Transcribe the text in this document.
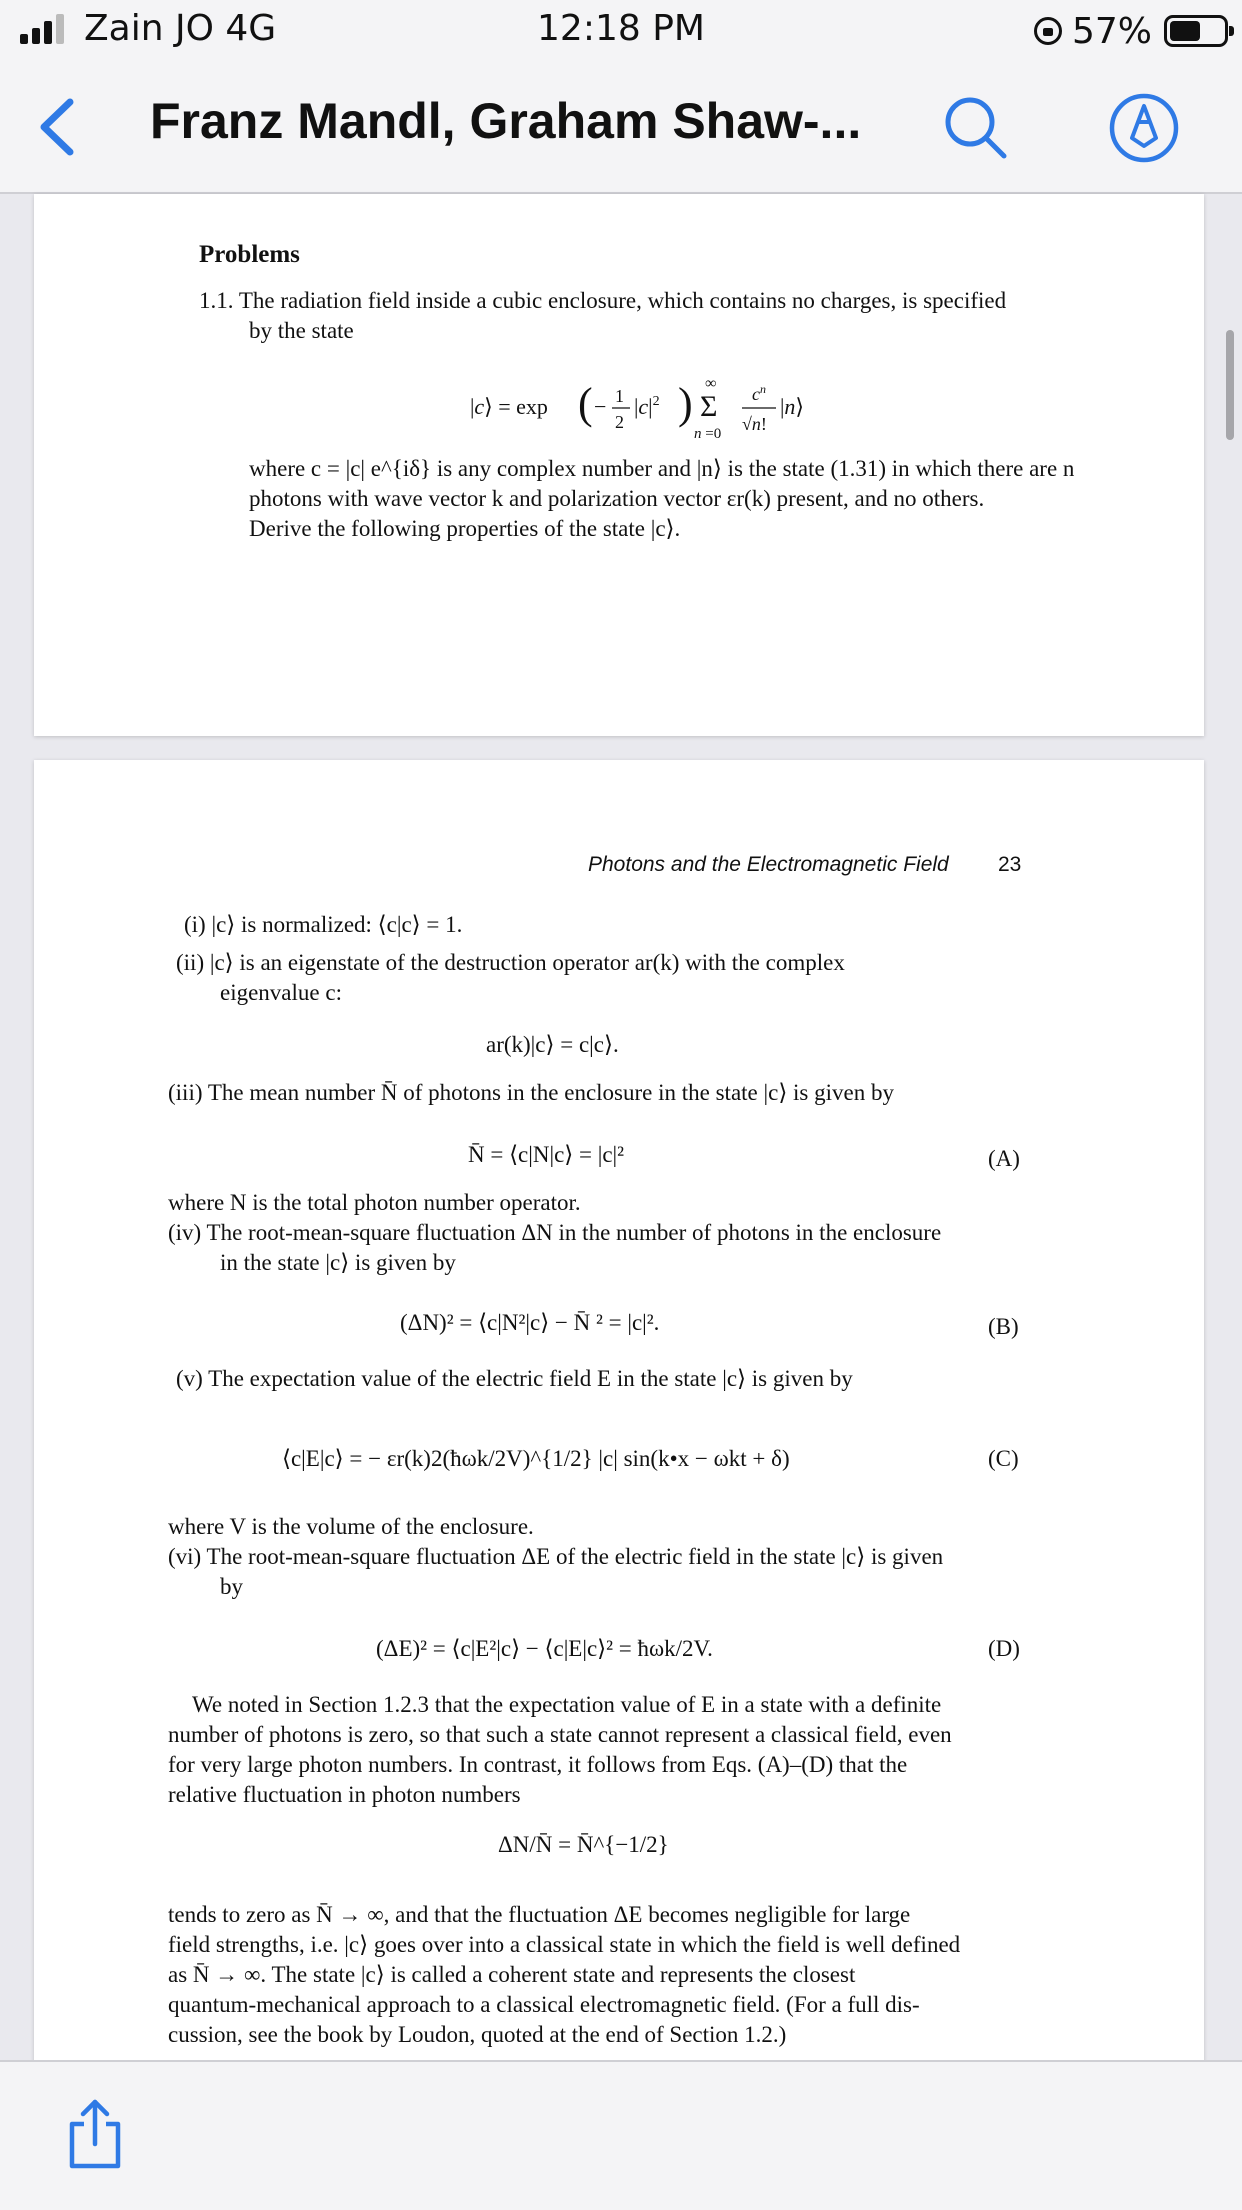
Zain JO 4G	12:18 PM	57%
Franz Mandl, Graham Shaw-...
Problems
1.1. The radiation field inside a cubic enclosure, which contains no charges, is specified
by the state
|c⟩ = exp ( − 1
2
$|c|^2$ ) ∞
Σ
n =0
$c^n$
√n!
|n⟩
where c = |c| e^{iδ} is any complex number and |n⟩ is the state (1.31) in which there are n
photons with wave vector k and polarization vector εr(k) present, and no others.
Derive the following properties of the state |c⟩.
Photons and the Electromagnetic Field 23
(i) |c⟩ is normalized: ⟨c|c⟩ = 1.
(ii) |c⟩ is an eigenstate of the destruction operator ar(k) with the complex
eigenvalue c:
ar(k)|c⟩ = c|c⟩.
(iii) The mean number N̄ of photons in the enclosure in the state |c⟩ is given by
N̄ = ⟨c|N|c⟩ = |c|²	(A)
where N is the total photon number operator.
(iv) The root-mean-square fluctuation ΔN in the number of photons in the enclosure
in the state |c⟩ is given by
(ΔN)² = ⟨c|N²|c⟩ − N̄ ² = |c|².	(B)
(v) The expectation value of the electric field E in the state |c⟩ is given by
⟨c|E|c⟩ = − εr(k)2(ħωk/2V)^{1/2} |c| sin(k•x − ωkt + δ)	(C)
where V is the volume of the enclosure.
(vi) The root-mean-square fluctuation ΔE of the electric field in the state |c⟩ is given
by
(ΔE)² = ⟨c|E²|c⟩ − ⟨c|E|c⟩² = ħωk/2V.	(D)
We noted in Section 1.2.3 that the expectation value of E in a state with a definite
number of photons is zero, so that such a state cannot represent a classical field, even
for very large photon numbers. In contrast, it follows from Eqs. (A)–(D) that the
relative fluctuation in photon numbers
ΔN/N̄ = N̄^{−1/2}
tends to zero as N̄ → ∞, and that the fluctuation ΔE becomes negligible for large
field strengths, i.e. |c⟩ goes over into a classical state in which the field is well defined
as N̄ → ∞. The state |c⟩ is called a coherent state and represents the closest
quantum-mechanical approach to a classical electromagnetic field. (For a full dis-
cussion, see the book by Loudon, quoted at the end of Section 1.2.)
